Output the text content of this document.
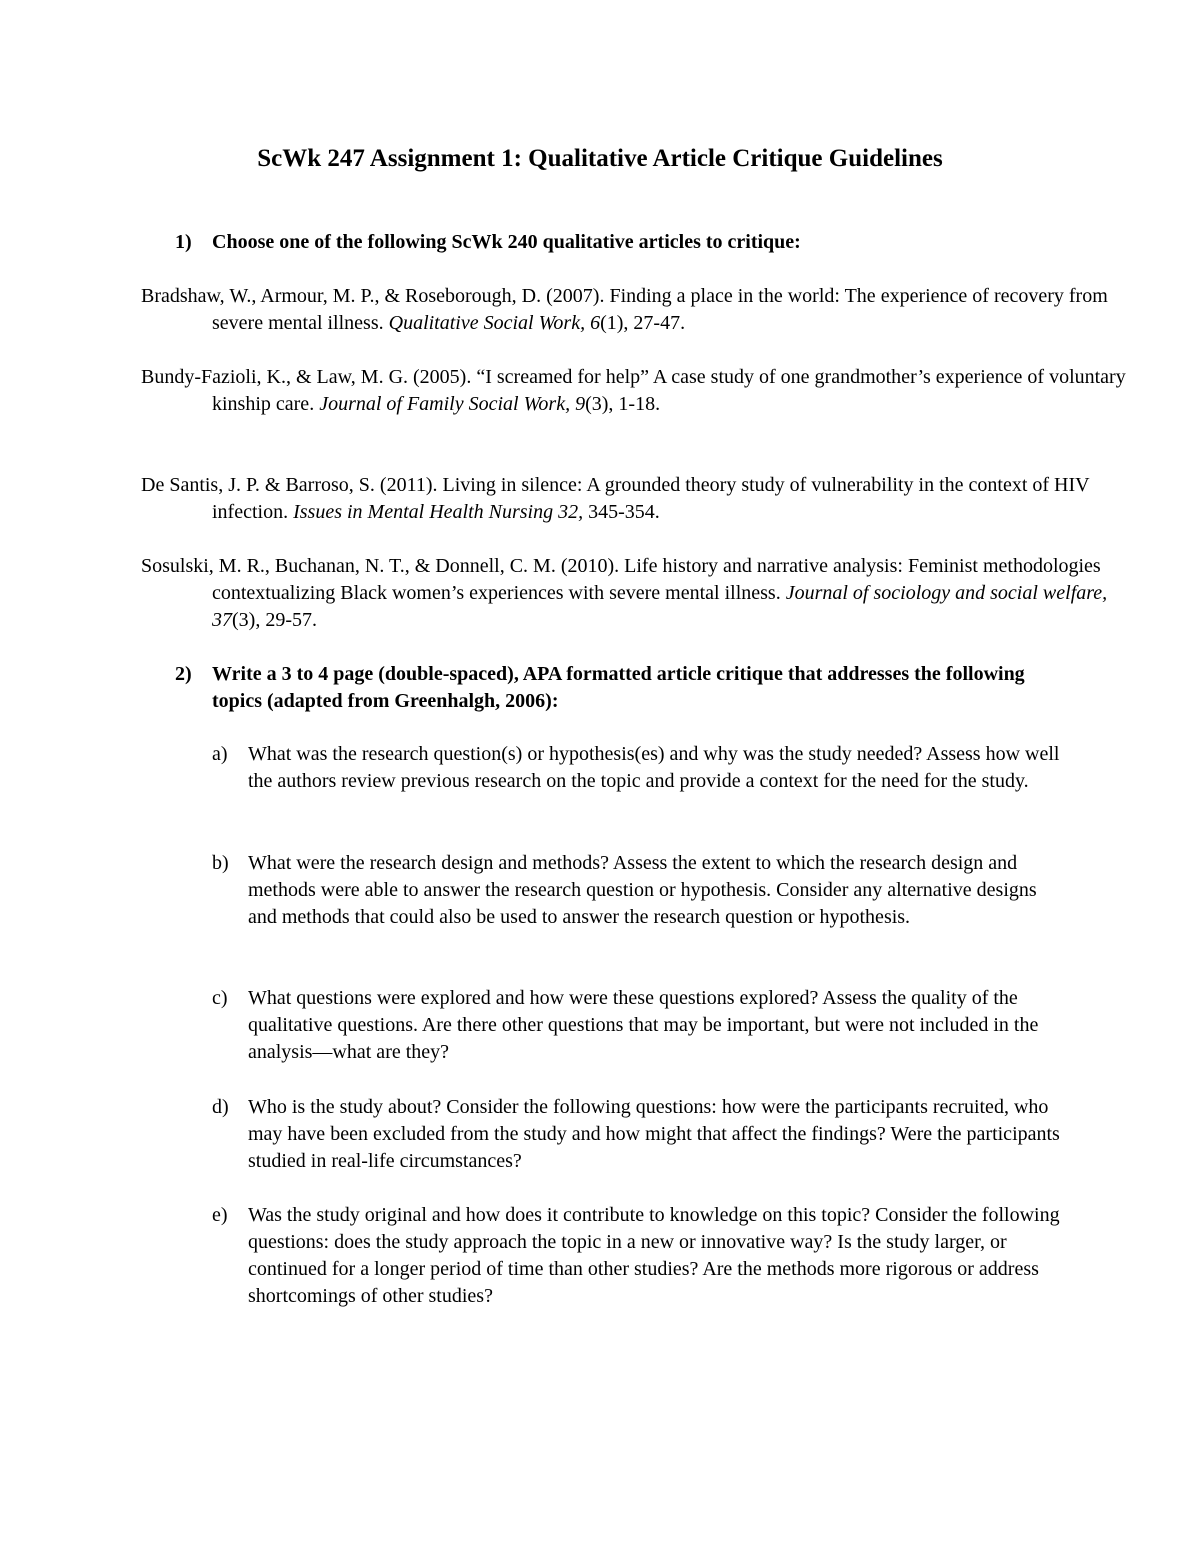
ScWk 247 Assignment 1: Qualitative Article Critique Guidelines

1) Choose one of the following ScWk 240 qualitative articles to critique:

Bradshaw, W., Armour, M. P., & Roseborough, D. (2007). Finding a place in the world: The experience of recovery from severe mental illness. Qualitative Social Work, 6(1), 27-47.

Bundy-Fazioli, K., & Law, M. G. (2005). “I screamed for help” A case study of one grandmother’s experience of voluntary kinship care. Journal of Family Social Work, 9(3), 1-18.

De Santis, J. P. & Barroso, S. (2011). Living in silence: A grounded theory study of vulnerability in the context of HIV infection. Issues in Mental Health Nursing 32, 345-354.

Sosulski, M. R., Buchanan, N. T., & Donnell, C. M. (2010). Life history and narrative analysis: Feminist methodologies contextualizing Black women’s experiences with severe mental illness. Journal of sociology and social welfare, 37(3), 29-57.

2) Write a 3 to 4 page (double-spaced), APA formatted article critique that addresses the following topics (adapted from Greenhalgh, 2006):

a) What was the research question(s) or hypothesis(es) and why was the study needed? Assess how well the authors review previous research on the topic and provide a context for the need for the study.

b) What were the research design and methods? Assess the extent to which the research design and methods were able to answer the research question or hypothesis. Consider any alternative designs and methods that could also be used to answer the research question or hypothesis.

c) What questions were explored and how were these questions explored? Assess the quality of the qualitative questions. Are there other questions that may be important, but were not included in the analysis—what are they?

d) Who is the study about? Consider the following questions: how were the participants recruited, who may have been excluded from the study and how might that affect the findings? Were the participants studied in real-life circumstances?

e) Was the study original and how does it contribute to knowledge on this topic? Consider the following questions: does the study approach the topic in a new or innovative way? Is the study larger, or continued for a longer period of time than other studies? Are the methods more rigorous or address shortcomings of other studies?
